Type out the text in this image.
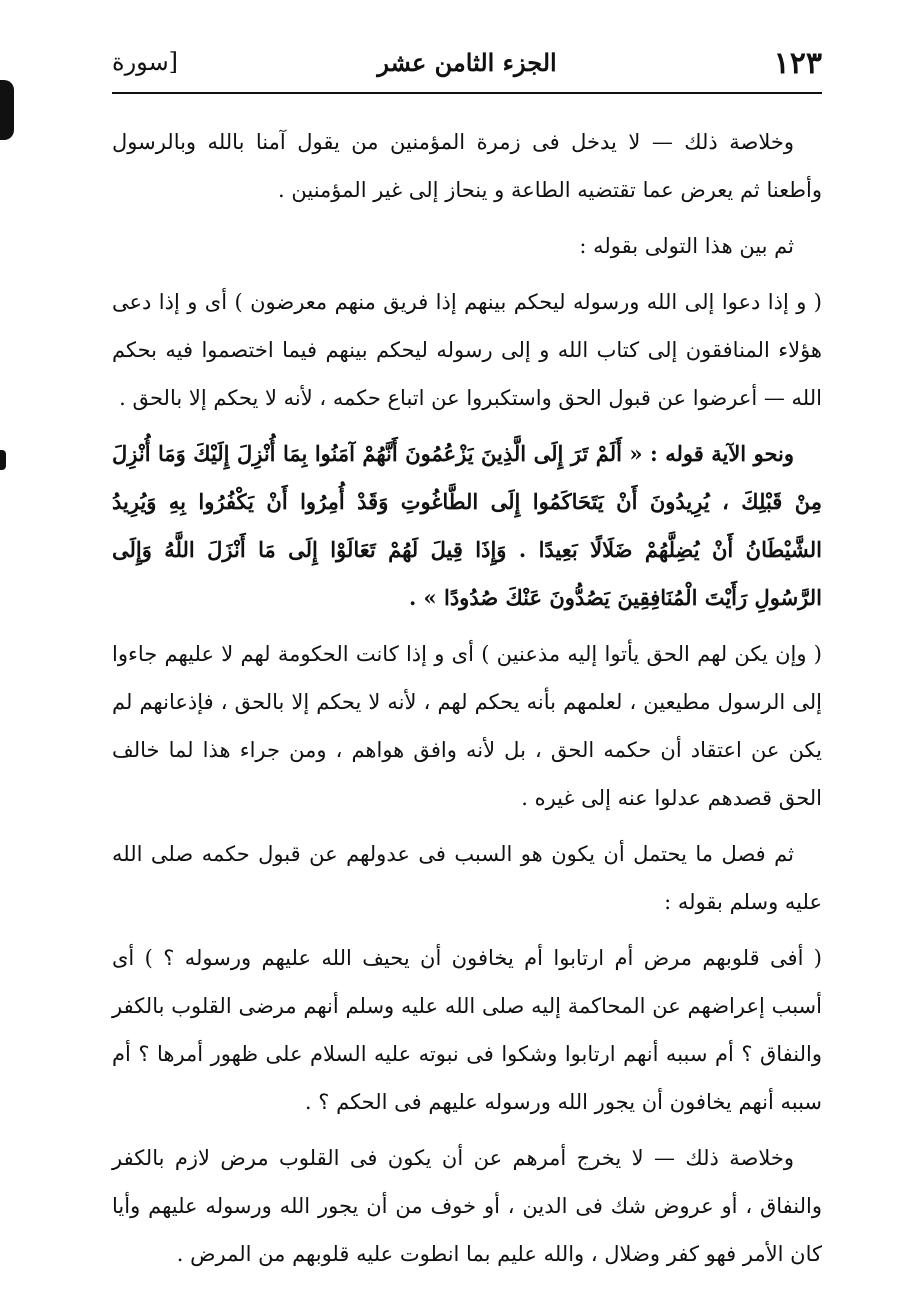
١٢٣
الجزء الثامن عشر
[سورة

وخلاصة ذلك — لا يدخل فى زمرة المؤمنين من يقول آمنا بالله وبالرسول وأطعنا ثم يعرض عما تقتضيه الطاعة و ينحاز إلى غير المؤمنين .

ثم بين هذا التولى بقوله :

( و إذا دعوا إلى الله ورسوله ليحكم بينهم إذا فريق منهم معرضون ) أى و إذا دعى هؤلاء المنافقون إلى كتاب الله و إلى رسوله ليحكم بينهم فيما اختصموا فيه بحكم الله — أعرضوا عن قبول الحق واستكبروا عن اتباع حكمه ، لأنه لا يحكم إلا بالحق .

ونحو الآية قوله : « أَلَمْ تَرَ إِلَى الَّذِينَ يَزْعُمُونَ أَنَّهُمْ آمَنُوا بِمَا أُنْزِلَ إِلَيْكَ وَمَا أُنْزِلَ مِنْ قَبْلِكَ ، يُرِيدُونَ أَنْ يَتَحَاكَمُوا إِلَى الطَّاغُوتِ وَقَدْ أُمِرُوا أَنْ يَكْفُرُوا بِهِ وَيُرِيدُ الشَّيْطَانُ أَنْ يُضِلَّهُمْ ضَلَالًا بَعِيدًا . وَإِذَا قِيلَ لَهُمْ تَعَالَوْا إِلَى مَا أَنْزَلَ اللَّهُ وَإِلَى الرَّسُولِ رَأَيْتَ الْمُنَافِقِينَ يَصُدُّونَ عَنْكَ صُدُودًا » .

( وإن يكن لهم الحق يأتوا إليه مذعنين ) أى و إذا كانت الحكومة لهم لا عليهم جاءوا إلى الرسول مطيعين ، لعلمهم بأنه يحكم لهم ، لأنه لا يحكم إلا بالحق ، فإذعانهم لم يكن عن اعتقاد أن حكمه الحق ، بل لأنه وافق هواهم ، ومن جراء هذا لما خالف الحق قصدهم عدلوا عنه إلى غيره .

ثم فصل ما يحتمل أن يكون هو السبب فى عدولهم عن قبول حكمه صلى الله عليه وسلم بقوله :

( أفى قلوبهم مرض أم ارتابوا أم يخافون أن يحيف الله عليهم ورسوله ؟ ) أى أسبب إعراضهم عن المحاكمة إليه صلى الله عليه وسلم أنهم مرضى القلوب بالكفر والنفاق ؟ أم سببه أنهم ارتابوا وشكوا فى نبوته عليه السلام على ظهور أمرها ؟ أم سببه أنهم يخافون أن يجور الله ورسوله عليهم فى الحكم ؟ .

وخلاصة ذلك — لا يخرج أمرهم عن أن يكون فى القلوب مرض لازم بالكفر والنفاق ، أو عروض شك فى الدين ، أو خوف من أن يجور الله ورسوله عليهم وأيا كان الأمر فهو كفر وضلال ، والله عليم بما انطوت عليه قلوبهم من المرض .
